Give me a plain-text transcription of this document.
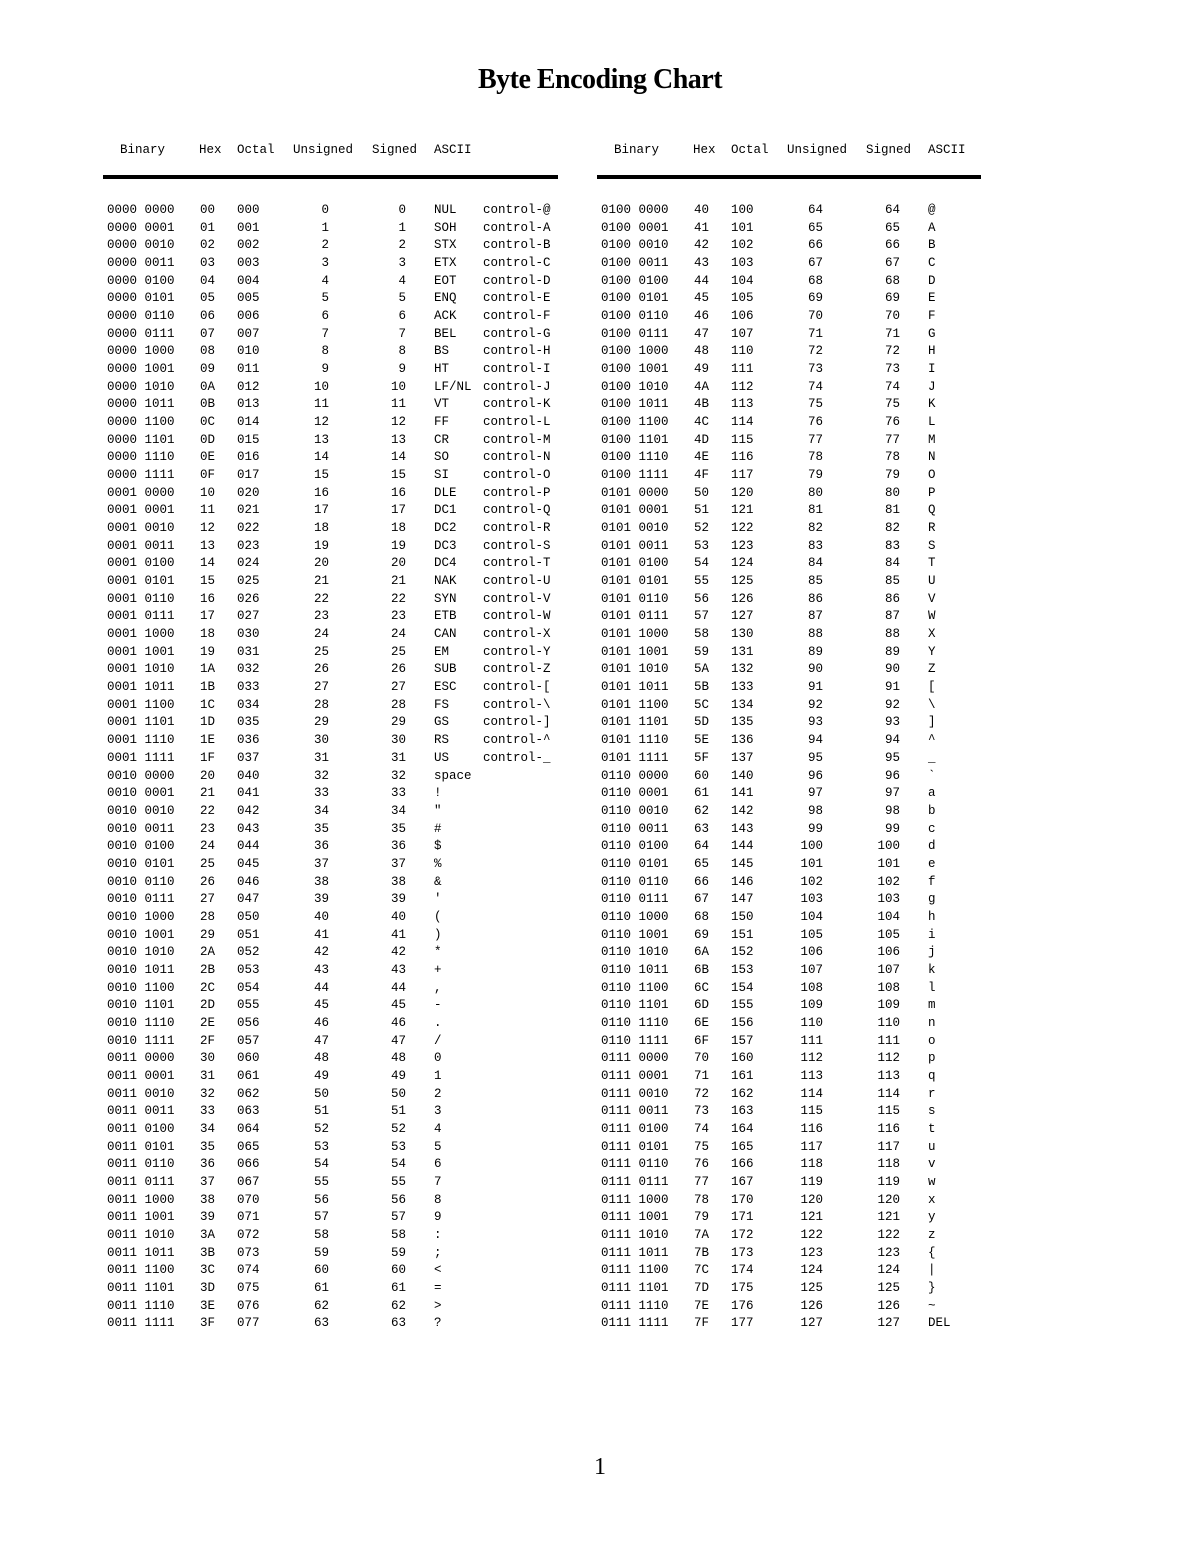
Byte Encoding Chart
Binary	Hex Octal Unsigned Signed ASCII
0000 0000 00 000	0	0 NUL control-@
0000 0001 01 001	1	1 SOH control-A
0000 0010 02 002	2	2 STX control-B
0000 0011 03 003	3	3 ETX control-C
0000 0100 04 004	4	4 EOT control-D
0000 0101 05 005	5	5 ENQ control-E
0000 0110 06 006	6	6 ACK control-F
0000 0111 07 007	7	7 BEL control-G
0000 1000 08 010	8	8 BS	control-H
0000 1001 09 011	9	9 HT	control-I
0000 1010 0A 012	10	10 LF/NL control-J
0000 1011 0B 013	11	11 VT	control-K
0000 1100 0C 014	12	12 FF	control-L
0000 1101 0D 015	13	13 CR	control-M
0000 1110 0E 016	14	14 SO	control-N
0000 1111 0F 017	15	15 SI	control-O
0001 0000 10 020	16	16 DLE control-P
0001 0001 11 021	17	17 DC1 control-Q
0001 0010 12 022	18	18 DC2 control-R
0001 0011 13 023	19	19 DC3 control-S
0001 0100 14 024	20	20 DC4 control-T
0001 0101 15 025	21	21 NAK control-U
0001 0110 16 026	22	22 SYN control-V
0001 0111 17 027	23	23 ETB control-W
0001 1000 18 030	24	24 CAN control-X
0001 1001 19 031	25	25 EM	control-Y
0001 1010 1A 032	26	26 SUB control-Z
0001 1011 1B 033	27	27 ESC control-[
0001 1100 1C 034	28	28 FS	control-\
0001 1101 1D 035	29	29 GS	control-]
0001 1110 1E 036	30	30 RS	control-^
0001 1111 1F 037	31	31 US	control-_
0010 0000 20 040	32	32 space
0010 0001 21 041	33	33 !
0010 0010 22 042	34	34 "
0010 0011 23 043	35	35 #
0010 0100 24 044	36	36 $
0010 0101 25 045	37	37 %
0010 0110 26 046	38	38 &
0010 0111 27 047	39	39 '
0010 1000 28 050	40	40 (
0010 1001 29 051	41	41 )
0010 1010 2A 052	42	42 *
0010 1011 2B 053	43	43 +
0010 1100 2C 054	44	44 ,
0010 1101 2D 055	45	45 -
0010 1110 2E 056	46	46 .
0010 1111 2F 057	47	47 /
0011 0000 30 060	48	48 0
0011 0001 31 061	49	49 1
0011 0010 32 062	50	50 2
0011 0011 33 063	51	51 3
0011 0100 34 064	52	52 4
0011 0101 35 065	53	53 5
0011 0110 36 066	54	54 6
0011 0111 37 067	55	55 7
0011 1000 38 070	56	56 8
0011 1001 39 071	57	57 9
0011 1010 3A 072	58	58 :
0011 1011 3B 073	59	59 ;
0011 1100 3C 074	60	60 <
0011 1101 3D 075	61	61 =
0011 1110 3E 076	62	62 >
0011 1111 3F 077	63	63 ?
Binary	Hex Octal Unsigned Signed ASCII
0100 0000 40 100	64	64 @
0100 0001 41 101	65	65 A
0100 0010 42 102	66	66 B
0100 0011 43 103	67	67 C
0100 0100 44 104	68	68 D
0100 0101 45 105	69	69 E
0100 0110 46 106	70	70 F
0100 0111 47 107	71	71 G
0100 1000 48 110	72	72 H
0100 1001 49 111	73	73 I
0100 1010 4A 112	74	74 J
0100 1011 4B 113	75	75 K
0100 1100 4C 114	76	76 L
0100 1101 4D 115	77	77 M
0100 1110 4E 116	78	78 N
0100 1111 4F 117	79	79 O
0101 0000 50 120	80	80 P
0101 0001 51 121	81	81 Q
0101 0010 52 122	82	82 R
0101 0011 53 123	83	83 S
0101 0100 54 124	84	84 T
0101 0101 55 125	85	85 U
0101 0110 56 126	86	86 V
0101 0111 57 127	87	87 W
0101 1000 58 130	88	88 X
0101 1001 59 131	89	89 Y
0101 1010 5A 132	90	90 Z
0101 1011 5B 133	91	91 [
0101 1100 5C 134	92	92 \
0101 1101 5D 135	93	93 ]
0101 1110 5E 136	94	94 ^
0101 1111 5F 137	95	95 _
0110 0000 60 140	96	96 `
0110 0001 61 141	97	97 a
0110 0010 62 142	98	98 b
0110 0011 63 143	99	99 c
0110 0100 64 144	100	100 d
0110 0101 65 145	101	101 e
0110 0110 66 146	102	102 f
0110 0111 67 147	103	103 g
0110 1000 68 150	104	104 h
0110 1001 69 151	105	105 i
0110 1010 6A 152	106	106 j
0110 1011 6B 153	107	107 k
0110 1100 6C 154	108	108 l
0110 1101 6D 155	109	109 m
0110 1110 6E 156	110	110 n
0110 1111 6F 157	111	111 o
0111 0000 70 160	112	112 p
0111 0001 71 161	113	113 q
0111 0010 72 162	114	114 r
0111 0011 73 163	115	115 s
0111 0100 74 164	116	116 t
0111 0101 75 165	117	117 u
0111 0110 76 166	118	118 v
0111 0111 77 167	119	119 w
0111 1000 78 170	120	120 x
0111 1001 79 171	121	121 y
0111 1010 7A 172	122	122 z
0111 1011 7B 173	123	123 {
0111 1100 7C 174	124	124 |
0111 1101 7D 175	125	125 }
0111 1110 7E 176	126	126 ~
0111 1111 7F 177	127	127 DEL
1
